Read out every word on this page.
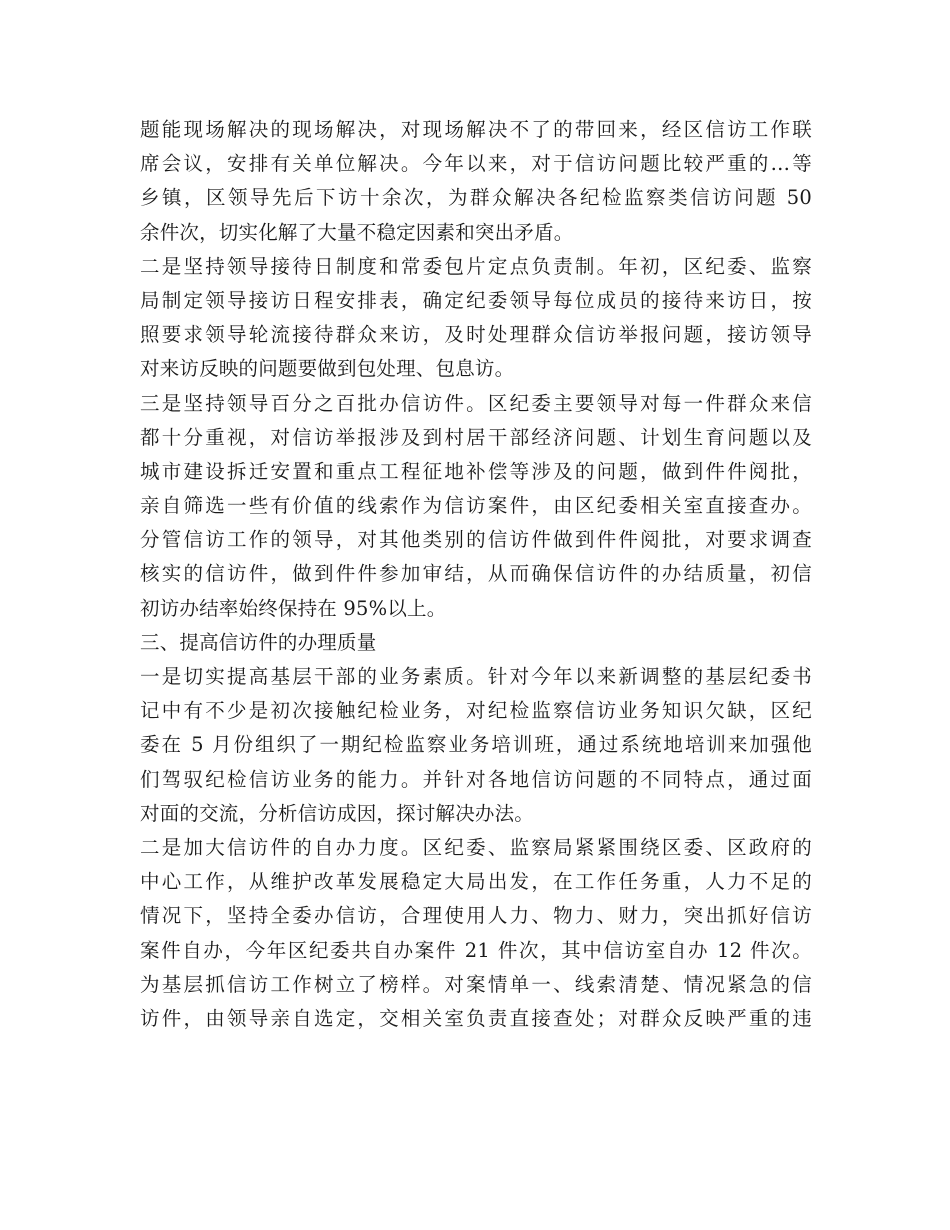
题能现场解决的现场解决，对现场解决不了的带回来，经区信访工作联
席会议，安排有关单位解决。今年以来，对于信访问题比较严重的…等
乡镇，区领导先后下访十余次，为群众解决各纪检监察类信访问题 50
余件次，切实化解了大量不稳定因素和突出矛盾。
二是坚持领导接待日制度和常委包片定点负责制。年初，区纪委、监察
局制定领导接访日程安排表，确定纪委领导每位成员的接待来访日，按
照要求领导轮流接待群众来访，及时处理群众信访举报问题，接访领导
对来访反映的问题要做到包处理、包息访。
三是坚持领导百分之百批办信访件。区纪委主要领导对每一件群众来信
都十分重视，对信访举报涉及到村居干部经济问题、计划生育问题以及
城市建设拆迁安置和重点工程征地补偿等涉及的问题，做到件件阅批，
亲自筛选一些有价值的线索作为信访案件，由区纪委相关室直接查办。
分管信访工作的领导，对其他类别的信访件做到件件阅批，对要求调查
核实的信访件，做到件件参加审结，从而确保信访件的办结质量，初信
初访办结率始终保持在 95%以上。
三、提高信访件的办理质量
一是切实提高基层干部的业务素质。针对今年以来新调整的基层纪委书
记中有不少是初次接触纪检业务，对纪检监察信访业务知识欠缺，区纪
委在 5 月份组织了一期纪检监察业务培训班，通过系统地培训来加强他
们驾驭纪检信访业务的能力。并针对各地信访问题的不同特点，通过面
对面的交流，分析信访成因，探讨解决办法。
二是加大信访件的自办力度。区纪委、监察局紧紧围绕区委、区政府的
中心工作，从维护改革发展稳定大局出发，在工作任务重，人力不足的
情况下，坚持全委办信访，合理使用人力、物力、财力，突出抓好信访
案件自办，今年区纪委共自办案件 21 件次，其中信访室自办 12 件次。
为基层抓信访工作树立了榜样。对案情单一、线索清楚、情况紧急的信
访件，由领导亲自选定，交相关室负责直接查处；对群众反映严重的违
